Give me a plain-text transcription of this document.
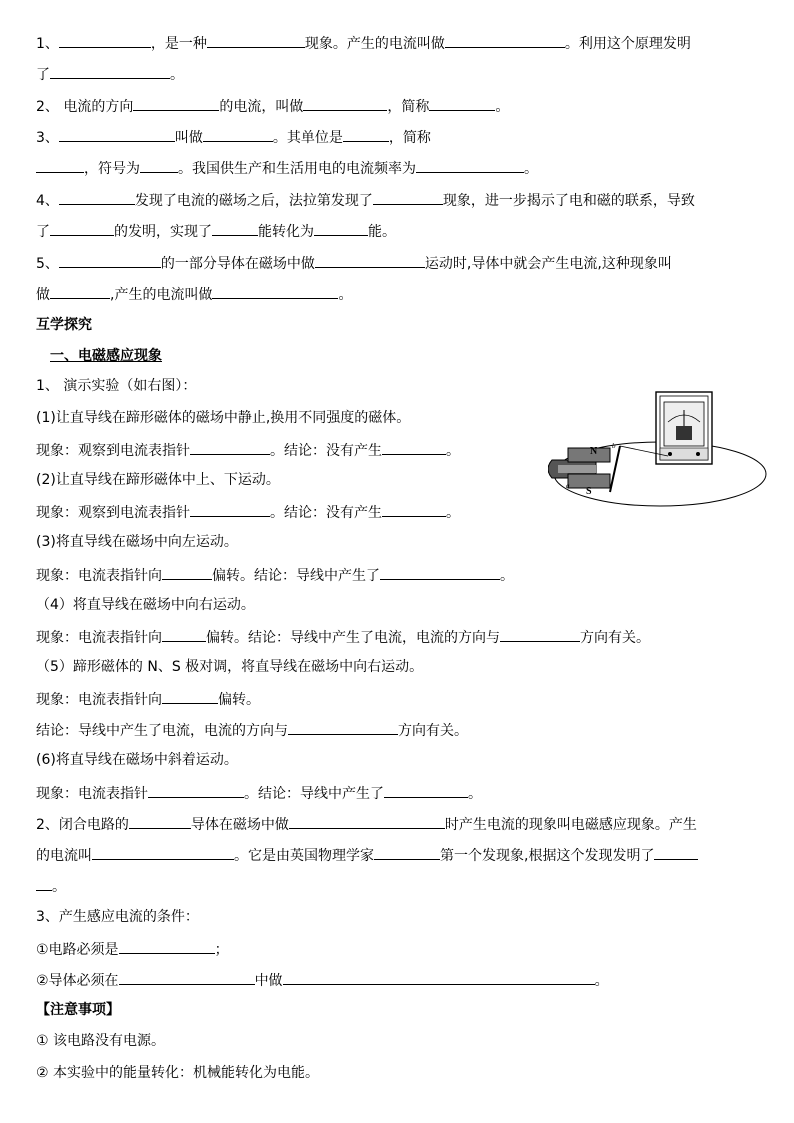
1、	，是一种	现象。产生的电流叫做	。利用这个原理发明
了	。
2、 电流的方向	的电流，叫做	，简称	。
3、	叫做	。其单位是	，简称
，符号为	。我国供生产和生活用电的电流频率为	。
4、	发现了电流的磁场之后，法拉第发现了	现象，进一步揭示了电和磁的联系，导致
了	的发明，实现了	能转化为	能。
5、	的一部分导体在磁场中做	运动时,导体中就会产生电流,这种现象叫
做	,产生的电流叫做	。
互学探究
一、电磁感应现象
1、 演示实验（如右图）：
(1)让直导线在蹄形磁体的磁场中静止,换用不同强度的磁体。
现象：观察到电流表指针	。结论：没有产生	。
(2)让直导线在蹄形磁体中上、下运动。
现象：观察到电流表指针	。结论：没有产生	。
(3)将直导线在磁场中向左运动。
现象：电流表指针向	偏转。结论：导线中产生了	。
（4）将直导线在磁场中向右运动。
现象：电流表指针向	偏转。结论：导线中产生了电流，电流的方向与	方向有关。
（5）蹄形磁体的 N、S 极对调，将直导线在磁场中向右运动。
现象：电流表指针向	偏转。
结论：导线中产生了电流，电流的方向与	方向有关。
(6)将直导线在磁场中斜着运动。
现象：电流表指针	。结论：导线中产生了	。
2、闭合电路的	导体在磁场中做	时产生电流的现象叫电磁感应现象。产生
的电流叫	。它是由英国物理学家	第一个发现象,根据这个发现发明了
。
3、产生感应电流的条件：
①电路必须是	；
②导体必须在	中做	。
【注意事项】
① 该电路没有电源。
② 本实验中的能量转化：机械能转化为电能。
N
S
a
b
